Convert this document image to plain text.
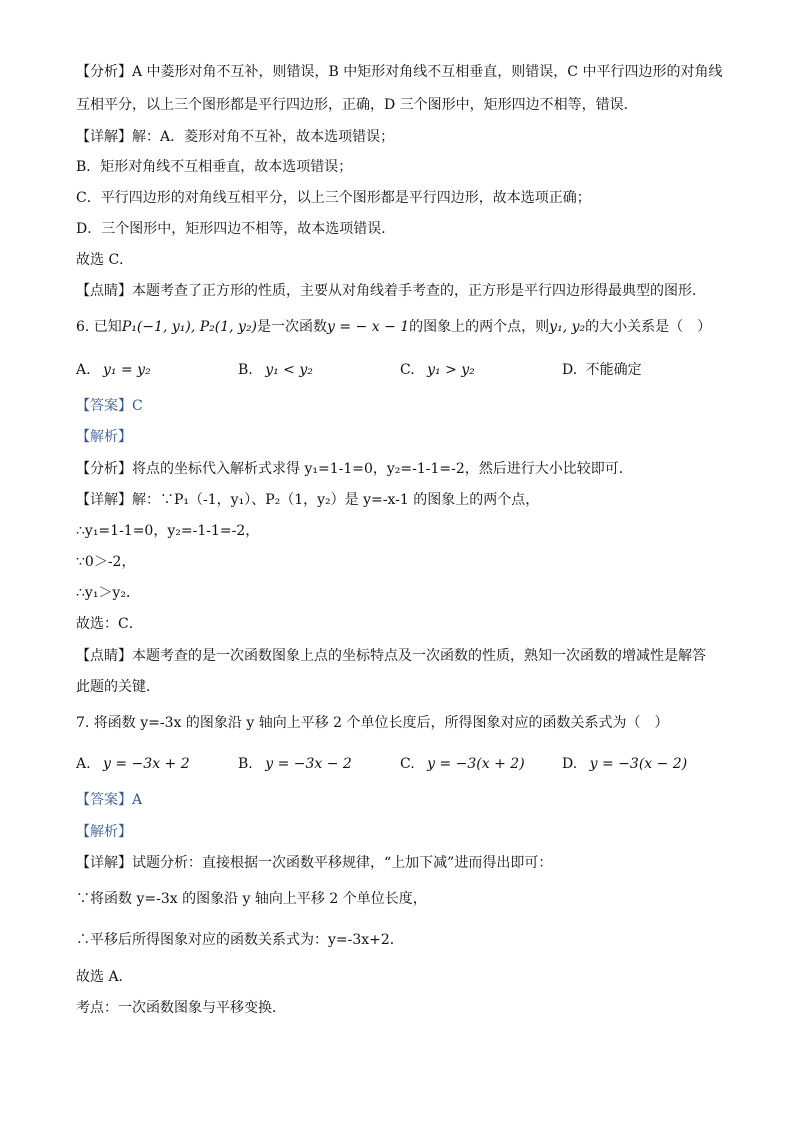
【分析】A 中菱形对角不互补，则错误，B 中矩形对角线不互相垂直，则错误，C 中平行四边形的对角线
互相平分，以上三个图形都是平行四边形，正确，D 三个图形中，矩形四边不相等，错误．
【详解】解：A．菱形对角不互补，故本选项错误；
B．矩形对角线不互相垂直，故本选项错误；
C．平行四边形的对角线互相平分，以上三个图形都是平行四边形，故本选项正确；
D．三个图形中，矩形四边不相等，故本选项错误．
故选 C．
【点睛】本题考查了正方形的性质，主要从对角线着手考查的，正方形是平行四边形得最典型的图形．
6. 已知P₁(−1, y₁), P₂(1, y₂)是一次函数y = − x − 1的图象上的两个点，则y₁, y₂的大小关系是（　）
A. y₁ = y₂	B. y₁ < y₂	C. y₁ > y₂	D. 不能确定
【答案】C
【解析】
【分析】将点的坐标代入解析式求得 y₁=1-1=0，y₂=-1-1=-2，然后进行大小比较即可．
【详解】解：∵P₁（-1，y₁）、P₂（1，y₂）是 y=-x-1 的图象上的两个点，
∴y₁=1-1=0，y₂=-1-1=-2，
∵0＞-2，
∴y₁＞y₂．
故选：C．
【点睛】本题考查的是一次函数图象上点的坐标特点及一次函数的性质，熟知一次函数的增减性是解答
此题的关键．
7. 将函数 y=-3x 的图象沿 y 轴向上平移 2 个单位长度后，所得图象对应的函数关系式为（　）
A. y = −3x + 2	B. y = −3x − 2	C. y = −3(x + 2)	D. y = −3(x − 2)
【答案】A
【解析】
【详解】试题分析：直接根据一次函数平移规律，“上加下减”进而得出即可：
∵将函数 y=-3x 的图象沿 y 轴向上平移 2 个单位长度，
∴平移后所得图象对应的函数关系式为：y=-3x+2．
故选 A．
考点：一次函数图象与平移变换．
